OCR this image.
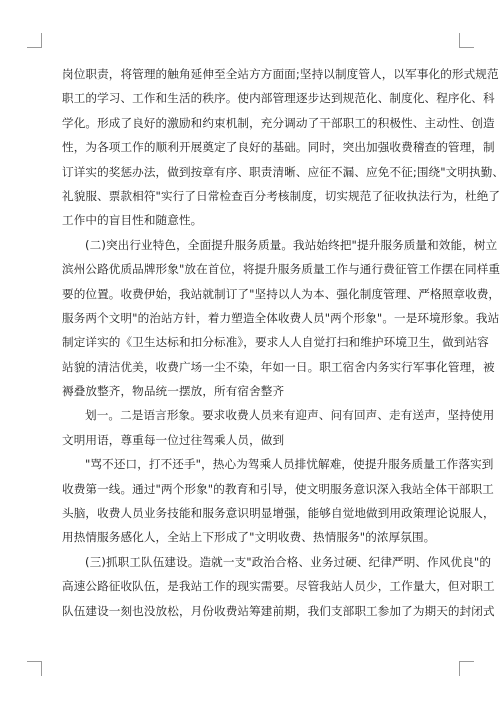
岗位职责，将管理的触角延伸至全站方方面面;坚持以制度管人，以军事化的形式规范
职工的学习、工作和生活的秩序。使内部管理逐步达到规范化、制度化、程序化、科
学化。形成了良好的激励和约束机制，充分调动了干部职工的积极性、主动性、创造
性，为各项工作的顺利开展奠定了良好的基础。同时，突出加强收费稽查的管理，制
订详实的奖惩办法，做到按章有序、职责清晰、应征不漏、应免不征;围绕"文明执勤、
礼貌服、票款相符"实行了日常检查百分考核制度，切实规范了征收执法行为，杜绝了
工作中的盲目性和随意性。
(二)突出行业特色，全面提升服务质量。我站始终把"提升服务质量和效能，树立
滨州公路优质品牌形象"放在首位，将提升服务质量工作与通行费征管工作摆在同样重
要的位置。收费伊始，我站就制订了"坚持以人为本、强化制度管理、严格照章收费，
服务两个文明"的治站方针，着力塑造全体收费人员"两个形象"。一是环境形象。我站
制定详实的《卫生达标和扣分标准》，要求人人自觉打扫和维护环境卫生，做到站容
站貌的清洁优美，收费广场一尘不染，年如一日。职工宿舍内务实行军事化管理，被
褥叠放整齐，物品统一摆放，所有宿舍整齐
划一。二是语言形象。要求收费人员来有迎声、问有回声、走有送声，坚持使用
文明用语，尊重每一位过往驾乘人员，做到
"骂不还口，打不还手"，热心为驾乘人员排忧解难，使提升服务质量工作落实到
收费第一线。通过"两个形象"的教育和引导，使文明服务意识深入我站全体干部职工
头脑，收费人员业务技能和服务意识明显增强，能够自觉地做到用政策理论说服人，
用热情服务感化人，全站上下形成了"文明收费、热情服务"的浓厚氛围。
(三)抓职工队伍建设。造就一支"政治合格、业务过硬、纪律严明、作风优良"的
高速公路征收队伍，是我站工作的现实需要。尽管我站人员少，工作量大，但对职工
队伍建设一刻也没放松，月份收费站筹建前期，我们支部职工参加了为期天的封闭式
